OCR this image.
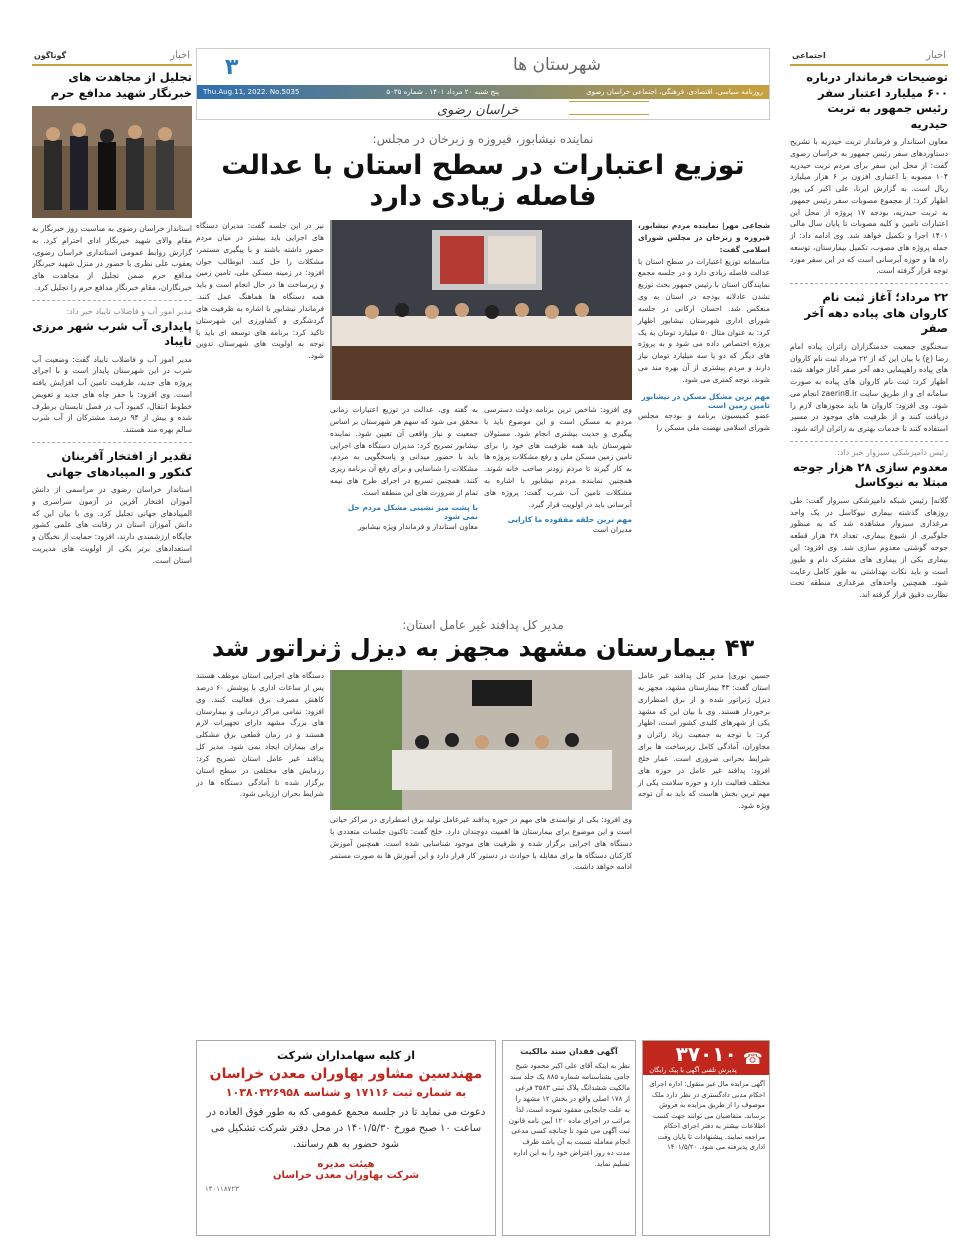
اخبار
اجتماعی
توضیحات فرماندار درباره ۶۰۰ میلیارد اعتبار سفر رئیس جمهور به تربت حیدریه

معاون استاندار و فرماندار تربت حیدریه با تشریح دستاوردهای سفر رئیس جمهور به خراسان رضوی گفت: از محل این سفر برای مردم تربت حیدریه ۱۰۴ مصوبه با اعتباری افزون بر ۶ هزار میلیارد ریال است. به گزارش ایرنا، علی اکبر کی پور اظهار کرد: از مجموع مصوبات سفر رئیس جمهور به تربت حیدریه، بودجه ۱۷ پروژه از محل این اعتبارات تامین و کلیه مصوبات تا پایان سال مالی ۱۴۰۱ اجرا و تکمیل خواهد شد. وی ادامه داد: از جمله پروژه های مصوب، تکمیل بیمارستان، توسعه راه ها و حوزه آبرسانی است که در این سفر مورد توجه قرار گرفته است.

۲۲ مرداد؛ آغاز ثبت نام کاروان های پیاده دهه آخر صفر

سخنگوی جمعیت خدمتگزاران زائران پیاده امام رضا (ع) با بیان این که از ۲۲ مرداد ثبت نام کاروان های پیاده راهپیمایی دهه آخر صفر آغاز خواهد شد، اظهار کرد: ثبت نام کاروان های پیاده به صورت سامانه ای و از طریق سایت zaerin8.ir انجام می شود. وی افزود: کاروان ها باید مجوزهای لازم را دریافت کنند و از ظرفیت های موجود در مسیر استفاده کنند تا خدمات بهتری به زائران ارائه شود.

رئیس دامپزشکی سبزوار خبر داد:
معدوم سازی ۲۸ هزار جوجه مبتلا به نیوکاسل

گلاته| رئیس شبکه دامپزشکی سبزوار گفت: طی روزهای گذشته بیماری نیوکاسل در یک واحد مرغداری سبزوار مشاهده شد که به منظور جلوگیری از شیوع بیماری، تعداد ۲۸ هزار قطعه جوجه گوشتی معدوم سازی شد. وی افزود: این بیماری یکی از بیماری های مشترک دام و طیور است و باید نکات بهداشتی به طور کامل رعایت شود. همچنین واحدهای مرغداری منطقه تحت نظارت دقیق قرار گرفته اند.

اخبار
گوناگون
تجلیل از مجاهدت های خبرنگار شهید مدافع حرم

استاندار خراسان رضوی به مناسبت روز خبرنگار به مقام والای شهید خبرنگار ادای احترام کرد. به گزارش روابط عمومی استانداری خراسان رضوی، یعقوب علی نظری با حضور در منزل شهید خبرنگار مدافع حرم ضمن تجلیل از مجاهدت های خبرنگاران، مقام خبرنگار مدافع حرم را تجلیل کرد.

مدیر امور آب و فاضلاب تایباد خبر داد:
پایداری آب شرب شهر مرزی تایباد

مدیر امور آب و فاضلاب تایباد گفت: وضعیت آب شرب در این شهرستان پایدار است و با اجرای پروژه های جدید، ظرفیت تامین آب افزایش یافته است. وی افزود: با حفر چاه های جدید و تعویض خطوط انتقال، کمبود آب در فصل تابستان برطرف شده و بیش از ۹۴ درصد مشترکان از آب شرب سالم بهره مند هستند.

تقدیر از افتخار آفرینان کنکور و المپیادهای جهانی

استاندار خراسان رضوی در مراسمی از دانش آموزان افتخار آفرین در آزمون سراسری و المپیادهای جهانی تجلیل کرد. وی با بیان این که دانش آموزان استان در رقابت های علمی کشور جایگاه ارزشمندی دارند، افزود: حمایت از نخبگان و استعدادهای برتر یکی از اولویت های مدیریت استان است.

شهرستان ها
۳
روزنامه سیاسی، اقتصادی، فرهنگی، اجتماعی خراسان رضوی
پنج شنبه ۲۰ مرداد ۱۴۰۱ . شماره ۵۰۳۵
Thu.Aug.11, 2022. No.5035
خراسان رضوی
نماینده نیشابور، فیروزه و زبرخان در مجلس:
توزیع اعتبارات در سطح استان با عدالت فاصله زیادی دارد

شجاعی مهر| نماینده مردم نیشابور، فیروزه و زبرخان در مجلس شورای اسلامی گفت:

متاسفانه توزیع اعتبارات در سطح استان با عدالت فاصله زیادی دارد و در جلسه مجمع نمایندگان استان با رئیس جمهور بحث توزیع نشدن عادلانه بودجه در استان به وی منعکس شد. احسان ارکانی در جلسه شورای اداری شهرستان نیشابور اظهار کرد: به عنوان مثال ۵۰ میلیارد تومان به یک پروژه اختصاص داده می شود و به پروژه های دیگر که دو یا سه میلیارد تومان نیاز دارند و مردم بیشتری از آن بهره مند می شوند، توجه کمتری می شود.

مهم ترین مشکل مسکن در نیشابور تامین زمین است

عضو کمیسیون برنامه و بودجه مجلس شورای اسلامی نهضت ملی مسکن را

وی افزود: شاخص ترین برنامه دولت دسترسی مردم به مسکن است و این موضوع باید با پیگیری و جدیت بیشتری انجام شود. مسئولان شهرستان باید همه ظرفیت های خود را برای تامین زمین مسکن ملی و رفع مشکلات پروژه ها به کار گیرند تا مردم زودتر صاحب خانه شوند. همچنین نماینده مردم نیشابور با اشاره به مشکلات تامین آب شرب گفت: پروژه های آبرسانی باید در اولویت قرار گیرد.

مهم ترین حلقه مفقوده ما کارایی

مدیران است

به گفته وی، عدالت در توزیع اعتبارات زمانی محقق می شود که سهم هر شهرستان بر اساس جمعیت و نیاز واقعی آن تعیین شود. نماینده نیشابور تصریح کرد: مدیران دستگاه های اجرایی باید با حضور میدانی و پاسخگویی به مردم، مشکلات را شناسایی و برای رفع آن برنامه ریزی کنند. همچنین تسریع در اجرای طرح های نیمه تمام از ضرورت های این منطقه است.

با پشت میز نشینی مشکل مردم حل نمی شود

معاون استاندار و فرماندار ویژه نیشابور

نیز در این جلسه گفت: مدیران دستگاه های اجرایی باید بیشتر در میان مردم حضور داشته باشند و با پیگیری مستمر، مشکلات را حل کنند. ابوطالب جوان افزود: در زمینه مسکن ملی، تامین زمین و زیرساخت ها در حال انجام است و باید همه دستگاه ها هماهنگ عمل کنند. فرماندار نیشابور با اشاره به ظرفیت های گردشگری و کشاورزی این شهرستان تاکید کرد: برنامه های توسعه ای باید با توجه به اولویت های شهرستان تدوین شود.

مدیر کل پدافند غیر عامل استان:
۴۳ بیمارستان مشهد مجهز به دیزل ژنراتور شد

حسین نوری| مدیر کل پدافند غیر عامل استان گفت: ۴۳ بیمارستان مشهد، مجهز به دیزل ژنراتور شده و از برق اضطراری برخوردار هستند. وی با بیان این که مشهد یکی از شهرهای کلیدی کشور است، اظهار کرد: با توجه به جمعیت زیاد زائران و مجاوران، آمادگی کامل زیرساخت ها برای شرایط بحرانی ضروری است. عمار خلج افزود: پدافند غیر عامل در حوزه های مختلف فعالیت دارد و حوزه سلامت یکی از مهم ترین بخش هاست که باید به آن توجه ویژه شود.

وی افزود: یکی از توانمندی های مهم در حوزه پدافند غیرعامل تولید برق اضطراری در مراکز حیاتی است و این موضوع برای بیمارستان ها اهمیت دوچندان دارد. خلج گفت: تاکنون جلسات متعددی با دستگاه های اجرایی برگزار شده و ظرفیت های موجود شناسایی شده است. همچنین آموزش کارکنان دستگاه ها برای مقابله با حوادث در دستور کار قرار دارد و این آموزش ها به صورت مستمر ادامه خواهد داشت.

دستگاه های اجرایی استان موظف هستند پس از ساعات اداری با پوشش ۶۰ درصد کاهش مصرف برق فعالیت کنند. وی افزود: تمامی مراکز درمانی و بیمارستان های بزرگ مشهد دارای تجهیزات لازم هستند و در زمان قطعی برق مشکلی برای بیماران ایجاد نمی شود. مدیر کل پدافند غیر عامل استان تصریح کرد: رزمایش های مختلفی در سطح استان برگزار شده تا آمادگی دستگاه ها در شرایط بحران ارزیابی شود.

☎
۳۷۰۱۰
پذیرش تلفنی آگهی با پیک رایگان
آگهی مزایده مال غیر منقول: اداره اجرای احکام مدنی دادگستری در نظر دارد ملک موصوف را از طریق مزایده به فروش برساند. متقاضیان می توانند جهت کسب اطلاعات بیشتر به دفتر اجرای احکام مراجعه نمایند. پیشنهادات تا پایان وقت اداری پذیرفته می شود. ۱۴۰۱/۵/۲۰
آگهی فقدان سند مالکیت
نظر به اینکه آقای علی اکبر محمود شیخ جامی بشناسنامه شماره ۸۸۵ یک جلد سند مالکیت ششدانگ پلاک ثبتی ۳۵۸۳ فرعی از ۱۷۸ اصلی واقع در بخش ۱۲ مشهد را به علت جابجایی مفقود نموده است، لذا مراتب در اجرای ماده ۱۲۰ آیین نامه قانون ثبت آگهی می شود تا چنانچه کسی مدعی انجام معامله نسبت به آن باشد ظرف مدت ده روز اعتراض خود را به این اداره تسلیم نماید.
از کلیه سهامداران شرکت
مهندسین مشاور بهاوران معدن خراسان
به شماره ثبت ۱۷۱۱۶ و شناسه ۱۰۳۸۰۳۲۶۹۵۸
دعوت می نماید تا در جلسه مجمع عمومی که به طور فوق العاده در ساعت ۱۰ صبح مورخ ۱۴۰۱/۵/۳۰ در محل دفتر شرکت تشکیل می شود حضور به هم رسانند.
هیئت مدیره
شرکت بهاوران معدن خراسان
۱۴۰۱۱۸۷۲۳
